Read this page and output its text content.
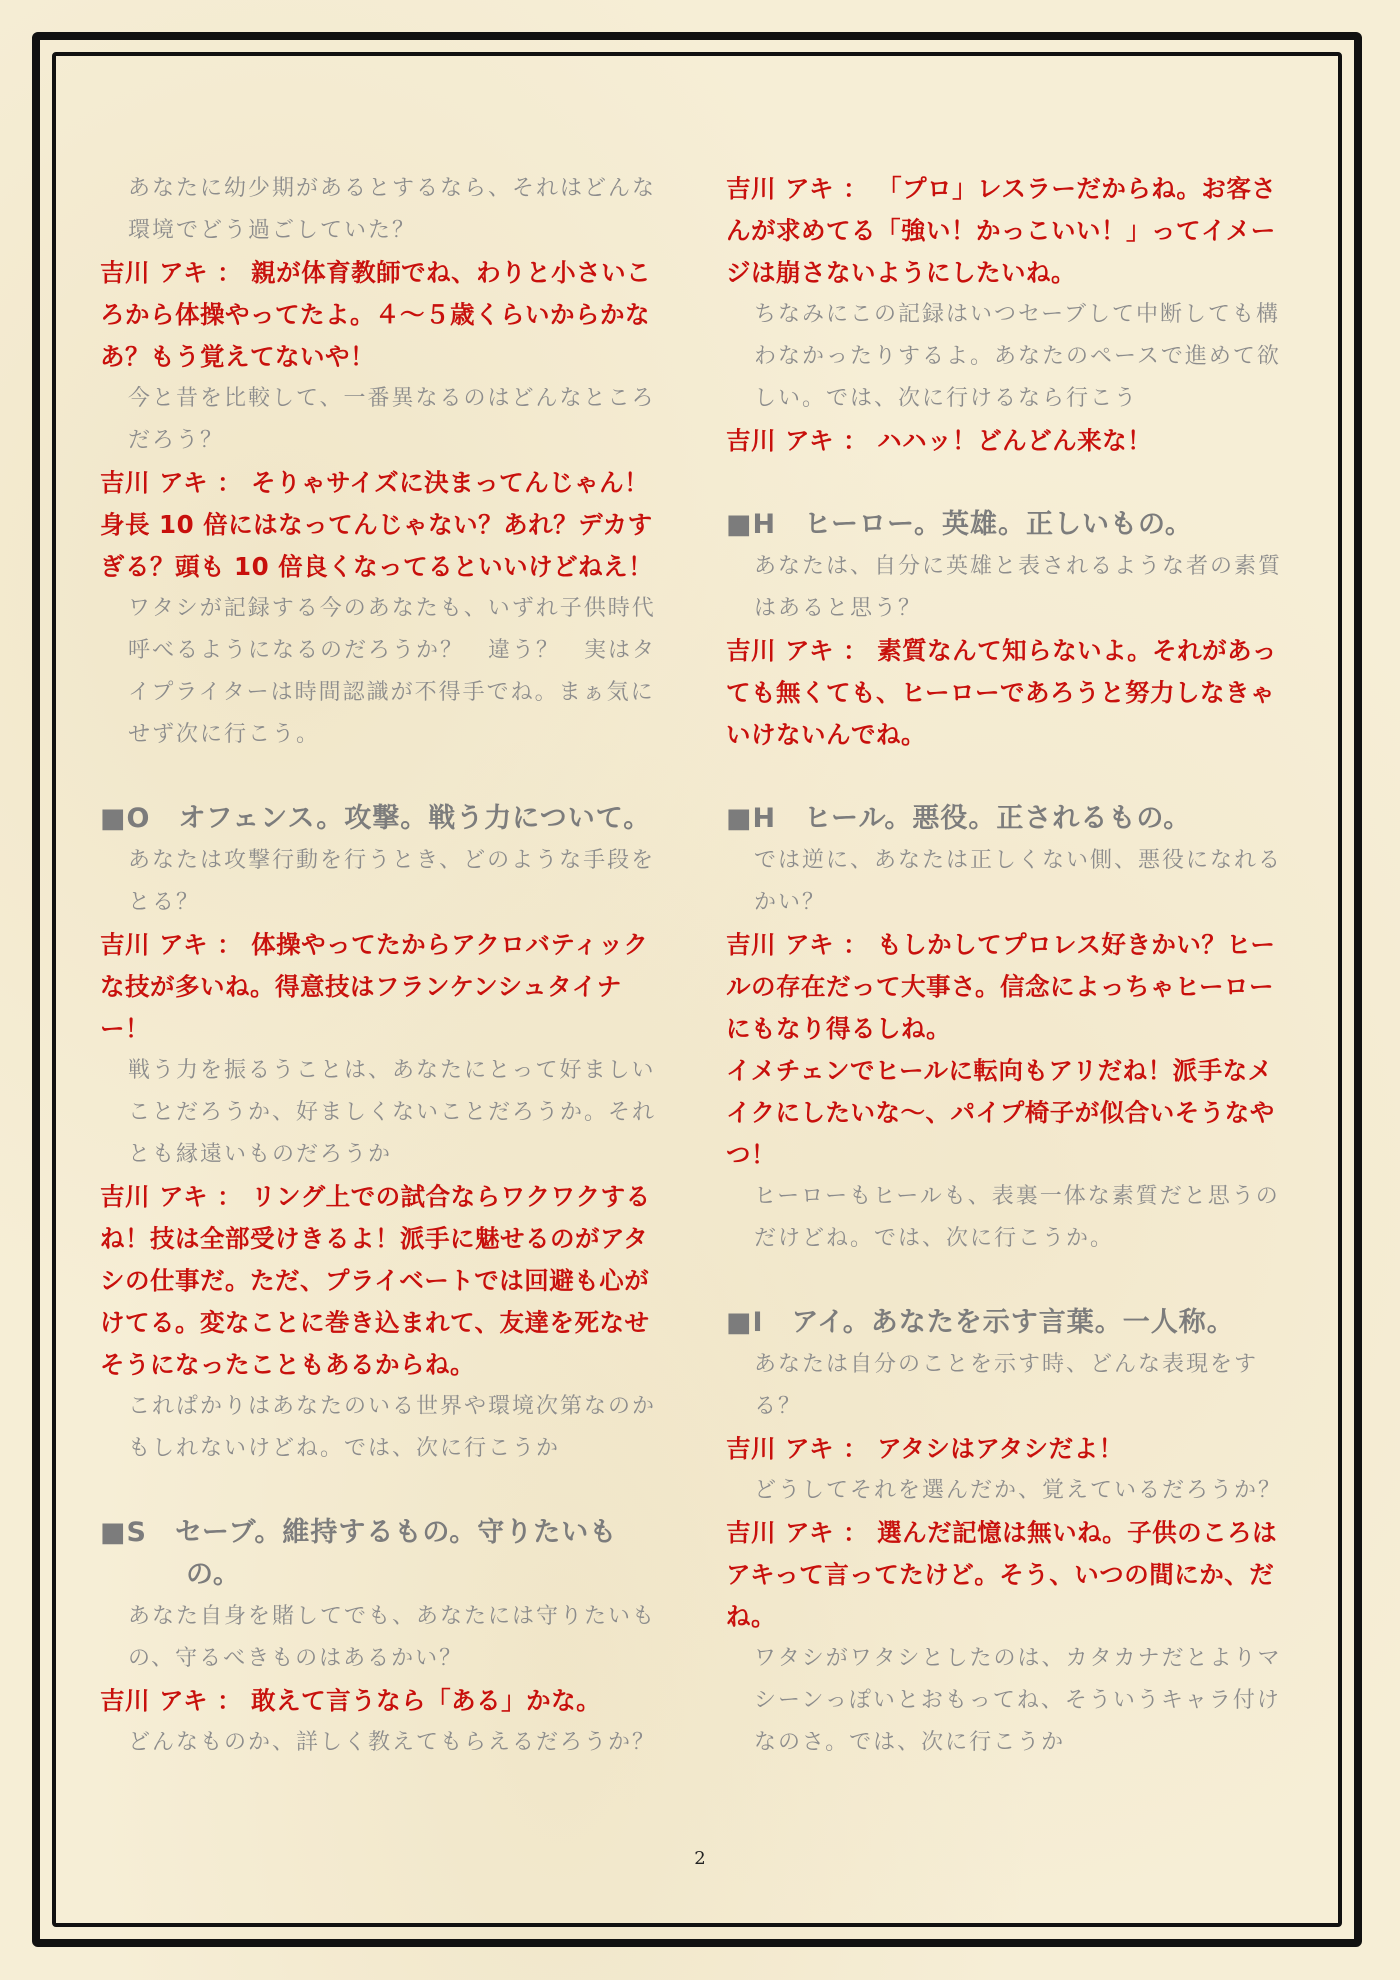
あなたに幼少期があるとするなら、それはどんな環境でどう過ごしていた？

吉川 アキ ： 親が体育教師でね、わりと小さいころから体操やってたよ。４～５歳くらいからかなあ？もう覚えてないや！

今と昔を比較して、一番異なるのはどんなところだろう？

吉川 アキ ： そりゃサイズに決まってんじゃん！身長 10 倍にはなってんじゃない？あれ？デカすぎる？頭も 10 倍良くなってるといいけどねえ！

ワタシが記録する今のあなたも、いずれ子供時代呼べるようになるのだろうか？　違う？　実はタイプライターは時間認識が不得手でね。まぁ気にせず次に行こう。

■O　オフェンス。攻撃。戦う力について。

あなたは攻撃行動を行うとき、どのような手段をとる？

吉川 アキ ： 体操やってたからアクロバティックな技が多いね。得意技はフランケンシュタイナー！

戦う力を振るうことは、あなたにとって好ましいことだろうか、好ましくないことだろうか。それとも縁遠いものだろうか

吉川 アキ ： リング上での試合ならワクワクするね！技は全部受けきるよ！派手に魅せるのがアタシの仕事だ。ただ、プライベートでは回避も心がけてる。変なことに巻き込まれて、友達を死なせそうになったこともあるからね。

これぱかりはあなたのいる世界や環境次第なのかもしれないけどね。では、次に行こうか

■S　セーブ。維持するもの。守りたいも

の。

あなた自身を賭してでも、あなたには守りたいもの、守るべきものはあるかい？

吉川 アキ ： 敢えて言うなら「ある」かな。

どんなものか、詳しく教えてもらえるだろうか？

吉川 アキ ： 「プロ」レスラーだからね。お客さんが求めてる「強い！かっこいい！」ってイメージは崩さないようにしたいね。

ちなみにこの記録はいつセーブして中断しても構わなかったりするよ。あなたのペースで進めて欲しい。では、次に行けるなら行こう

吉川 アキ ： ハハッ！どんどん来な！

■H　ヒーロー。英雄。正しいもの。

あなたは、自分に英雄と表されるような者の素質はあると思う？

吉川 アキ ： 素質なんて知らないよ。それがあっても無くても、ヒーローであろうと努力しなきゃいけないんでね。

■H　ヒール。悪役。正されるもの。

では逆に、あなたは正しくない側、悪役になれるかい？

吉川 アキ ： もしかしてプロレス好きかい？ヒールの存在だって大事さ。信念によっちゃヒーローにもなり得るしね。

イメチェンでヒールに転向もアリだね！派手なメイクにしたいな～、パイプ椅子が似合いそうなやつ！

ヒーローもヒールも、表裏一体な素質だと思うのだけどね。では、次に行こうか。

■I　アイ。あなたを示す言葉。一人称。

あなたは自分のことを示す時、どんな表現をする？

吉川 アキ ： アタシはアタシだよ！

どうしてそれを選んだか、覚えているだろうか？

吉川 アキ ： 選んだ記憶は無いね。子供のころはアキって言ってたけど。そう、いつの間にか、だね。

ワタシがワタシとしたのは、カタカナだとよりマシーンっぽいとおもってね、そういうキャラ付けなのさ。では、次に行こうか

2
